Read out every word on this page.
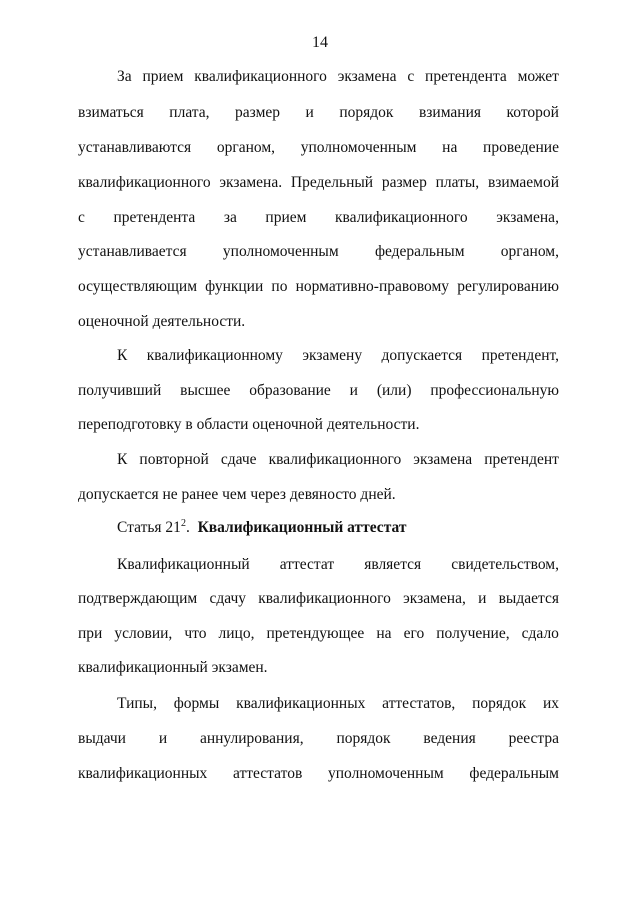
14
За прием квалификационного экзамена с претендента может
взиматься плата, размер и порядок взимания которой
устанавливаются органом, уполномоченным на проведение
квалификационного экзамена. Предельный размер платы, взимаемой
с претендента за прием квалификационного экзамена,
устанавливается уполномоченным федеральным органом,
осуществляющим функции по нормативно-правовому регулированию
оценочной деятельности.
К квалификационному экзамену допускается претендент,
получивший высшее образование и (или) профессиональную
переподготовку в области оценочной деятельности.
К повторной сдаче квалификационного экзамена претендент
допускается не ранее чем через девяносто дней.
Статья $21^2$. Квалификационный аттестат
Квалификационный аттестат является свидетельством,
подтверждающим сдачу квалификационного экзамена, и выдается
при условии, что лицо, претендующее на его получение, сдало
квалификационный экзамен.
Типы, формы квалификационных аттестатов, порядок их
выдачи и аннулирования, порядок ведения реестра
квалификационных аттестатов уполномоченным федеральным
